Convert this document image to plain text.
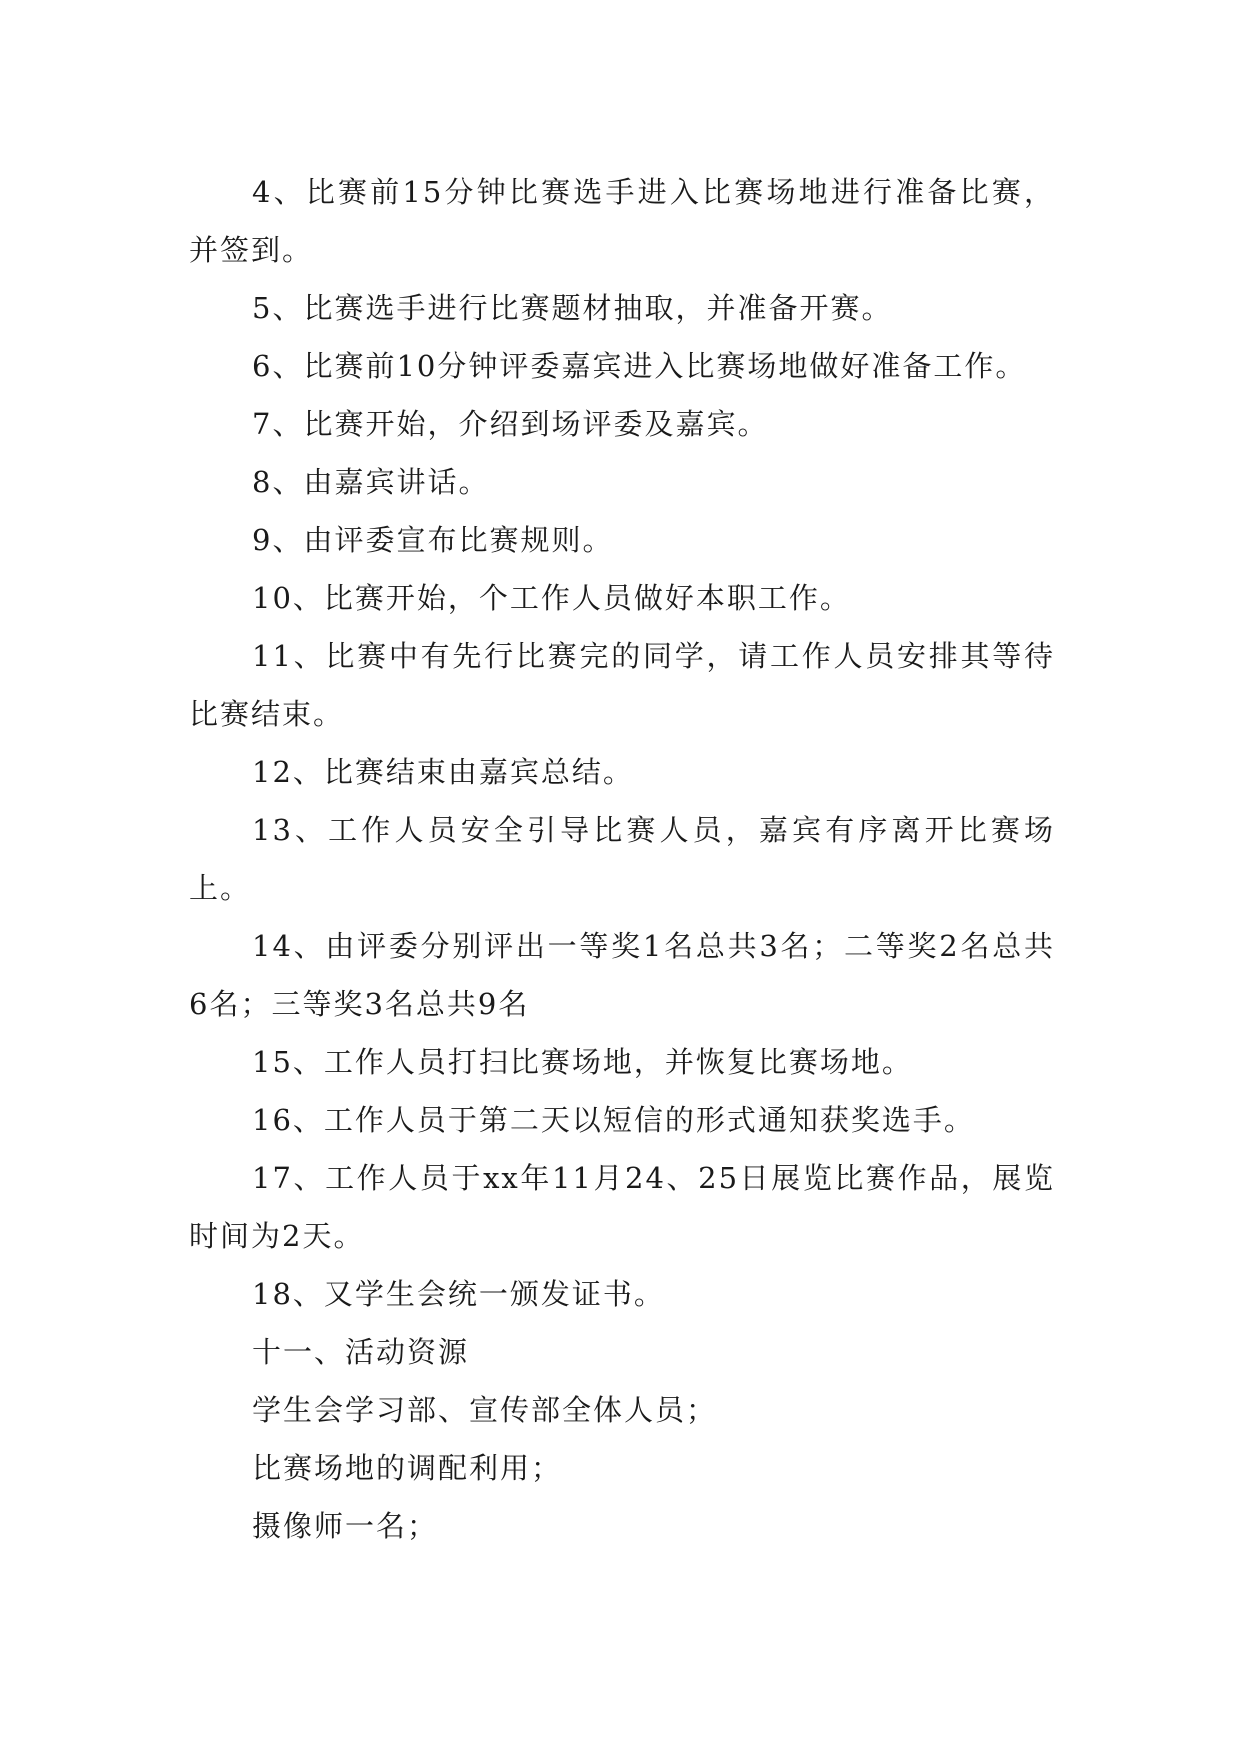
4、比赛前15分钟比赛选手进入比赛场地进行准备比赛，并签到。

5、比赛选手进行比赛题材抽取，并准备开赛。

6、比赛前10分钟评委嘉宾进入比赛场地做好准备工作。

7、比赛开始，介绍到场评委及嘉宾。

8、由嘉宾讲话。

9、由评委宣布比赛规则。

10、比赛开始，个工作人员做好本职工作。

11、比赛中有先行比赛完的同学，请工作人员安排其等待比赛结束。

12、比赛结束由嘉宾总结。

13、工作人员安全引导比赛人员，嘉宾有序离开比赛场上。

14、由评委分别评出一等奖1名总共3名；二等奖2名总共6名；三等奖3名总共9名

15、工作人员打扫比赛场地，并恢复比赛场地。

16、工作人员于第二天以短信的形式通知获奖选手。

17、工作人员于xx年11月24、25日展览比赛作品，展览时间为2天。

18、又学生会统一颁发证书。

十一、活动资源

学生会学习部、宣传部全体人员；

比赛场地的调配利用；

摄像师一名；
